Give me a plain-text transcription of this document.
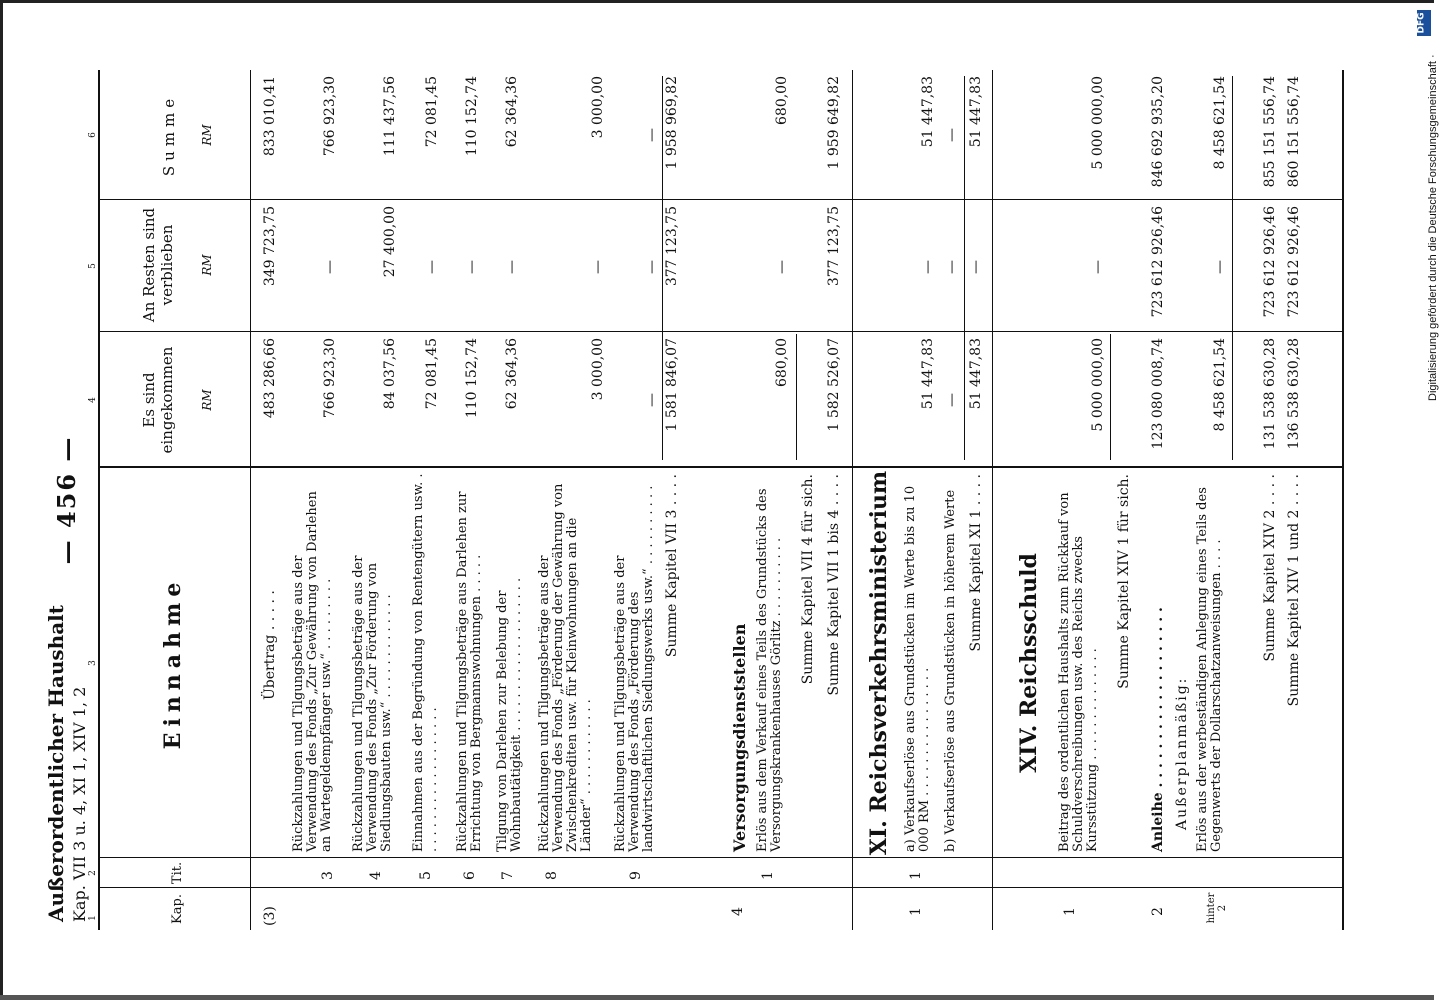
Außerordentlicher Haushalt Kap. VII 3 u. 4, XI 1, XIV 1, 2
— 456 —
1
2
3
4
5
6
Kap.
Tit.
Einnahme
Es sind eingekommen RM
An Resten sind verblieben RM
Summe RM
(3)
Übertrag . . . . .
483 286,66
349 723,75
833 010,41
3
Rückzahlungen und Tilgungsbeträge aus der Verwendung des Fonds „Zur Gewährung von Darlehen an Wartegeldempfänger usw.“ . . . . . . . . .
766 923,30
—
766 923,30
4
Rückzahlungen und Tilgungsbeträge aus der Verwendung des Fonds „Zur Förderung von Siedlungsbauten usw.“ . . . . . . . . . . . . .
84 037,56
27 400,00
111 437,56
5
Einnahmen aus der Begründung von Rentengütern usw. . . . . . . . . . . . . . . . . . . .
72 081,45
—
72 081,45
6
Rückzahlungen und Tilgungsbeträge aus Darlehen zur Errichtung von Bergmannswohnungen . . . . .
110 152,74
—
110 152,74
7
Tilgung von Darlehen zur Belebung der Wohnbautätigkeit . . . . . . . . . . . . . . . . . . .
62 364,36
—
62 364,36
8
Rückzahlungen und Tilgungsbeträge aus der Verwendung des Fonds „Förderung der Gewährung von Zwischenkrediten usw. für Kleinwohnungen an die Länder“ . . . . . . . . . . . .
3 000,00
—
3 000,00
9
Rückzahlungen und Tilgungsbeträge aus der Verwendung des Fonds „Förderung des landwirtschaftlichen Siedlungswerks usw.“ . . . . . . . . . .
—
—
—
Summe Kapitel VII 3 . . . .
1 581 846,07
377 123,75
1 958 969,82
Versorgungsdienststellen
4
1
Erlös aus dem Verkauf eines Teils des Grundstücks des Versorgungskrankenhauses Görlitz . . . . . . . . . .
680,00
—
680,00
Summe Kapitel VII 4 für sich. Summe Kapitel VII 1 bis 4 . . . .
1 582 526,07
377 123,75
1 959 649,82
XI. Reichsverkehrsministerium
1
1
a) Verkaufserlöse aus Grundstücken im Werte bis zu 10 000 RM . . . . . . . . . . . . . . . .
51 447,83
—
51 447,83
b) Verkaufserlöse aus Grundstücken in höherem Werte
—
—
—
Summe Kapitel XI 1 . . . .
51 447,83
—
51 447,83
XIV. Reichsschuld
1
Beitrag des ordentlichen Haushalts zum Rückkauf von Schuldverschreibungen usw. des Reichs zwecks Kursstützung . . . . . . . . . . . . . .
5 000 000,00
—
5 000 000,00
Summe Kapitel XIV 1 für sich.
2
Anleihe . . . . . . . . . . . . . . . . . . .
123 080 008,74
723 612 926,46
846 692 935,20
hinter 2
Außerplanmäßig: Erlös aus der werbeständigen Anlegung eines Teils des Gegenwerts der Dollarschatzanweisungen . . . .
8 458 621,54
—
8 458 621,54
Summe Kapitel XIV 2 . . . .
131 538 630,28
723 612 926,46
855 151 556,74
Summe Kapitel XIV 1 und 2 . . . .
136 538 630,28
723 612 926,46
860 151 556,74
DFG
Digitalisierung gefördert durch die Deutsche Forschungsgemeinschaft ·
